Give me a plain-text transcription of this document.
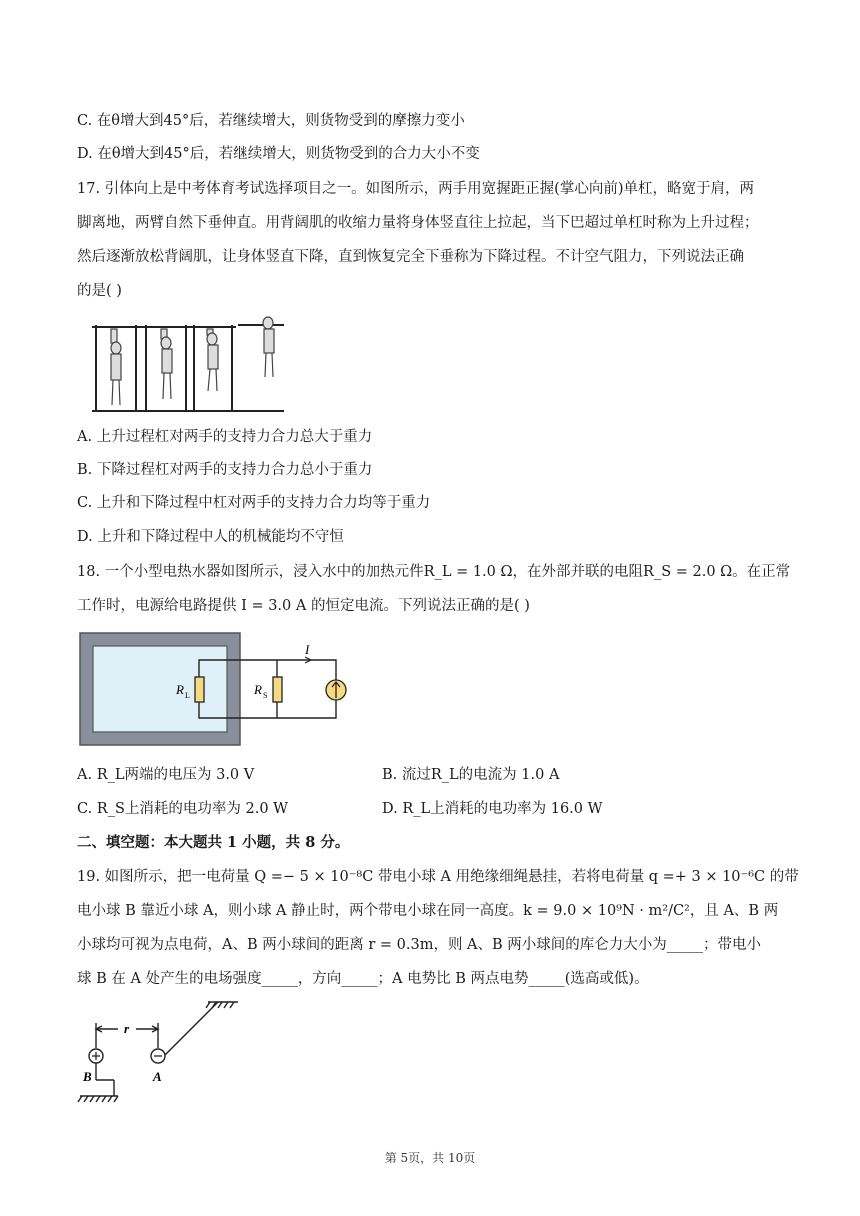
C. 在θ增大到45°后，若继续增大，则货物受到的摩擦力变小
D. 在θ增大到45°后，若继续增大，则货物受到的合力大小不变
17. 引体向上是中考体育考试选择项目之一。如图所示，两手用宽握距正握(掌心向前)单杠，略宽于肩，两
脚离地，两臂自然下垂伸直。用背阔肌的收缩力量将身体竖直往上拉起，当下巴超过单杠时称为上升过程；
然后逐渐放松背阔肌，让身体竖直下降，直到恢复完全下垂称为下降过程。不计空气阻力，下列说法正确
的是( )
A. 上升过程杠对两手的支持力合力总大于重力
B. 下降过程杠对两手的支持力合力总小于重力
C. 上升和下降过程中杠对两手的支持力合力均等于重力
D. 上升和下降过程中人的机械能均不守恒
18. 一个小型电热水器如图所示，浸入水中的加热元件R_L = 1.0 Ω，在外部并联的电阻R_S = 2.0 Ω。在正常
工作时，电源给电路提供 I = 3.0 A 的恒定电流。下列说法正确的是( )
I
R L	R S
A. R_L两端的电压为 3.0 V	B. 流过R_L的电流为 1.0 A
C. R_S上消耗的电功率为 2.0 W	D. R_L上消耗的电功率为 16.0 W
二、填空题：本大题共 1 小题，共 8 分。
19. 如图所示，把一电荷量 Q =− 5 × 10⁻⁸C 带电小球 A 用绝缘细绳悬挂，若将电荷量 q =+ 3 × 10⁻⁶C 的带
电小球 B 靠近小球 A，则小球 A 静止时，两个带电小球在同一高度。k = 9.0 × 10⁹N · m²/C²，且 A、B 两
小球均可视为点电荷，A、B 两小球间的距离 r = 0.3m，则 A、B 两小球间的库仑力大小为_____；带电小
球 B 在 A 处产生的电场强度_____，方向_____；A 电势比 B 两点电势_____(选高或低)。
r
B	A
第 5页，共 10页
